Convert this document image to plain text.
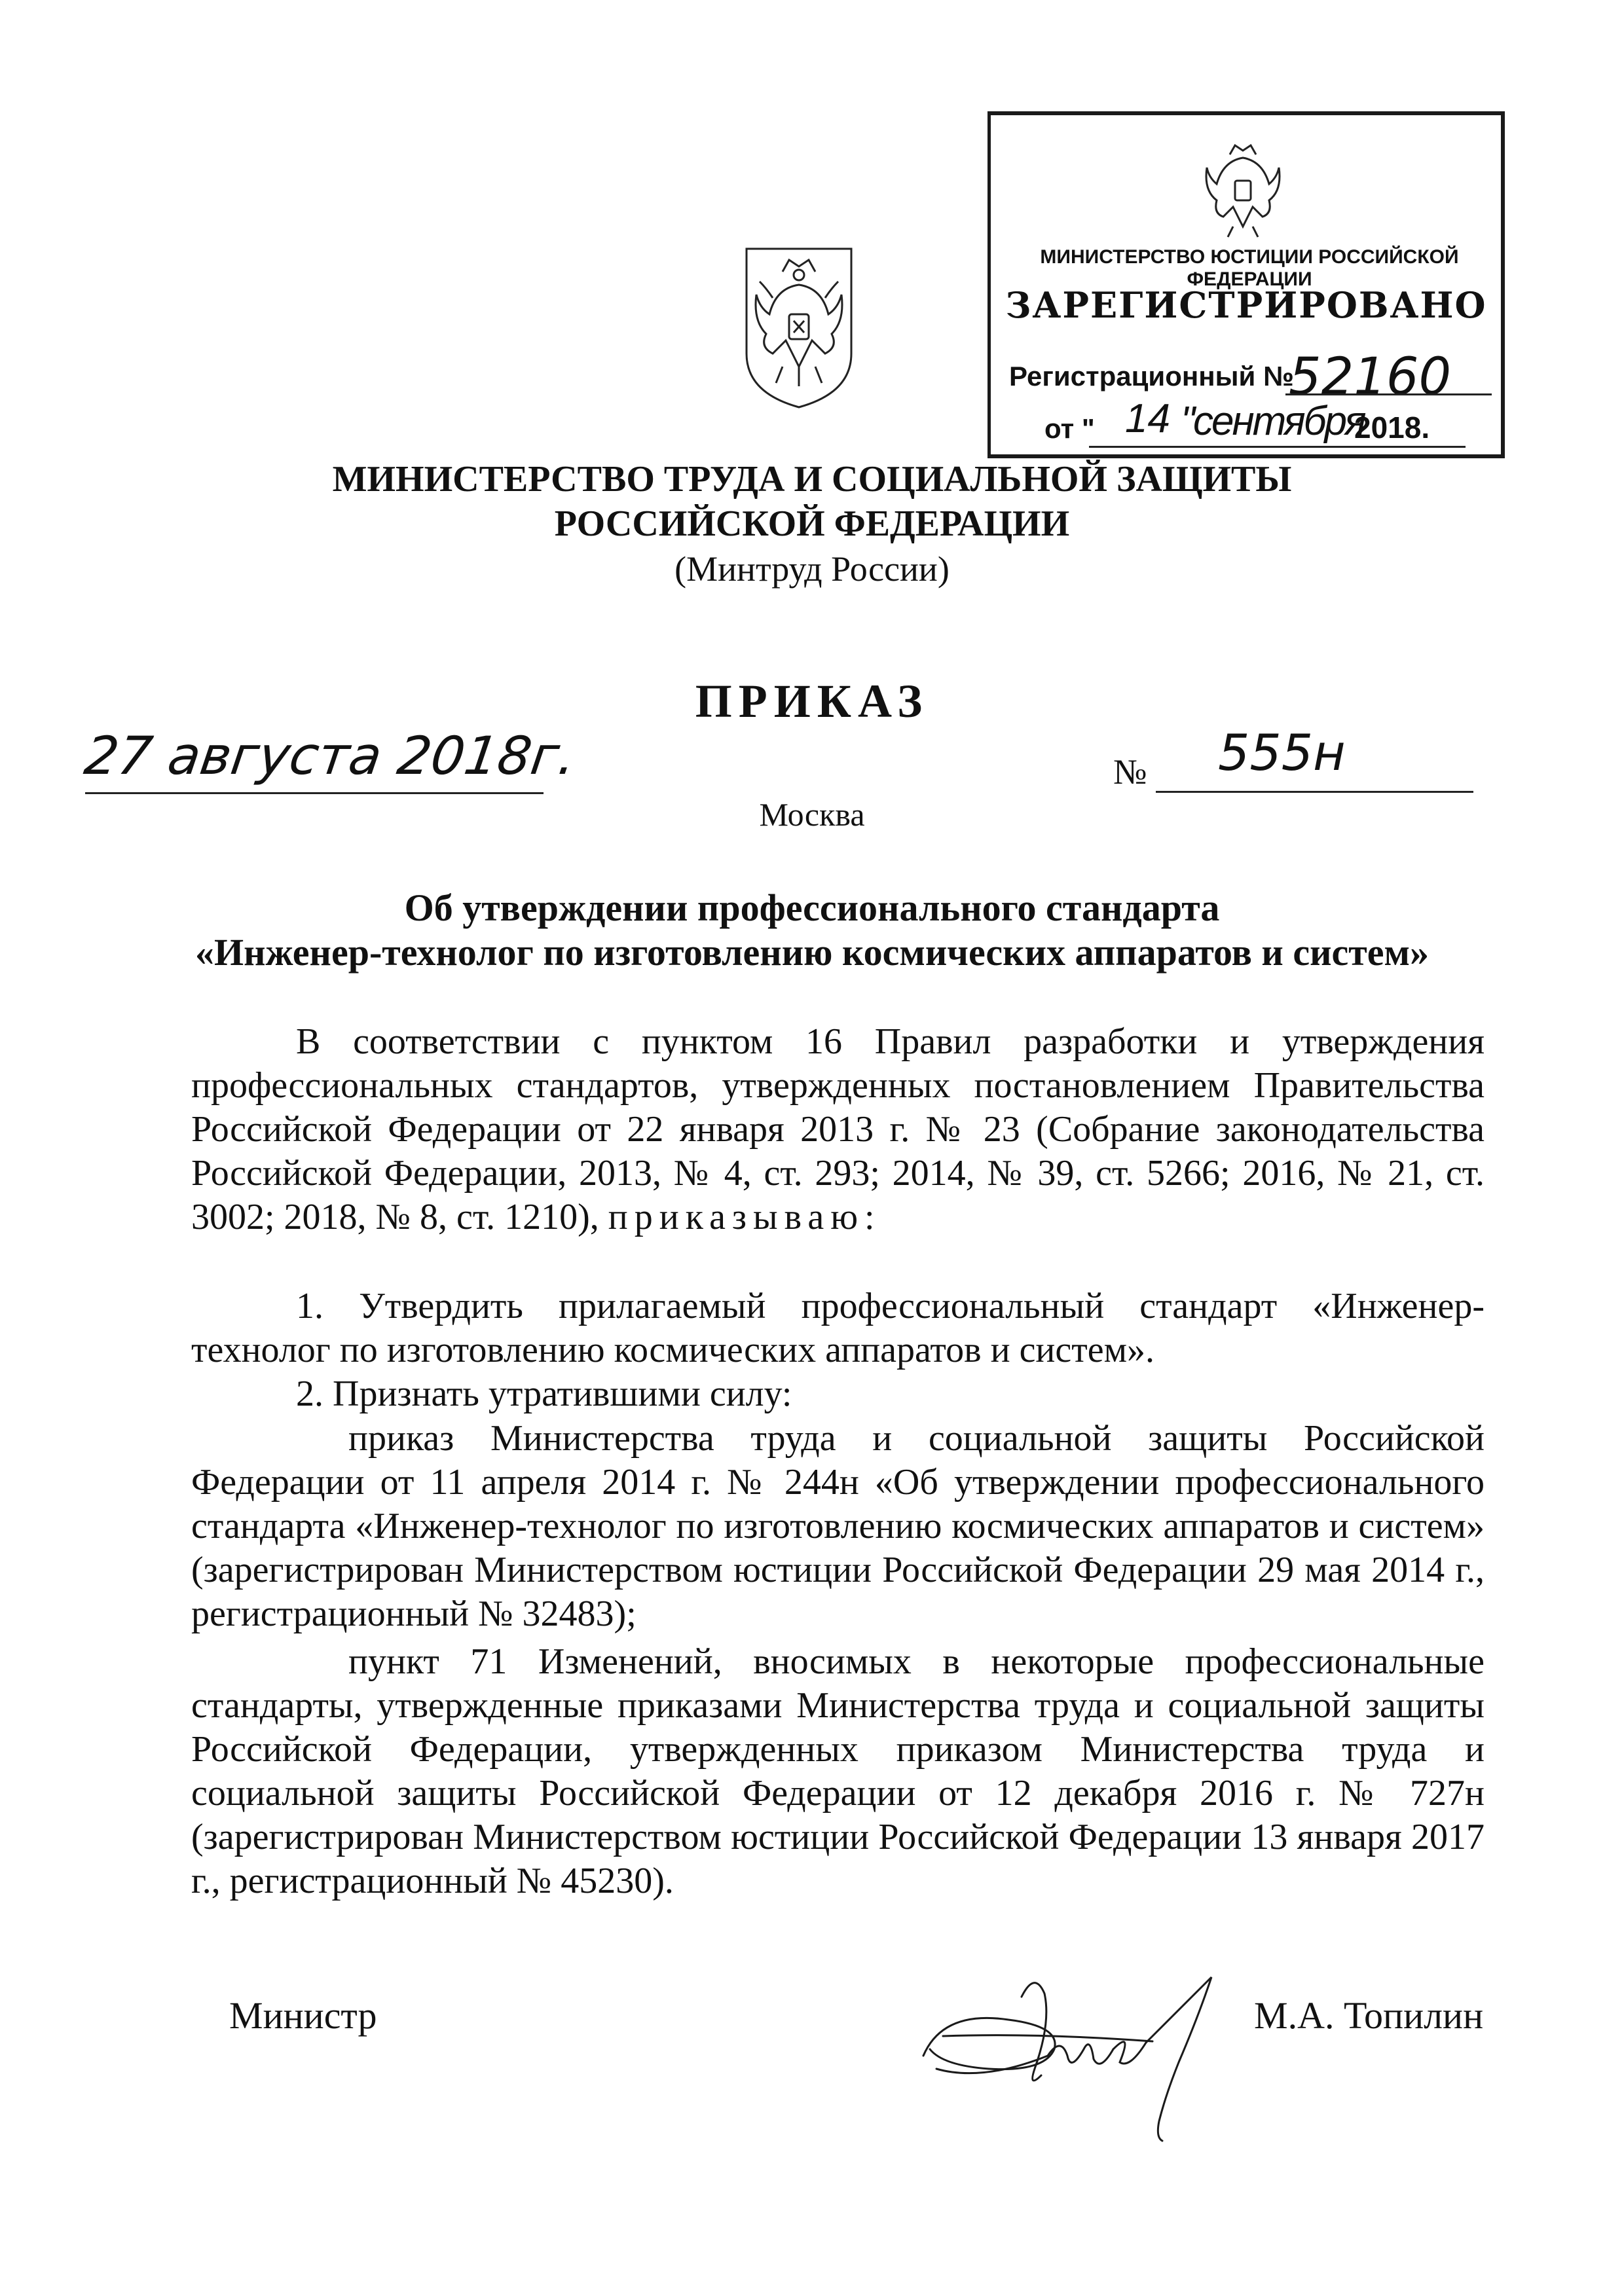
МИНИСТЕРСТВО ЮСТИЦИИ РОССИЙСКОЙ ФЕДЕРАЦИИ
ЗАРЕГИСТРИРОВАНО
Регистрационный №
52160
от " 14 "сентября
2018.
МИНИСТЕРСТВО ТРУДА И СОЦИАЛЬНОЙ ЗАЩИТЫ
РОССИЙСКОЙ ФЕДЕРАЦИИ
(Минтруд России)
ПРИКАЗ
27 августа 2018г.	№ 555н
Москва
Об утверждении профессионального стандарта
«Инженер-технолог по изготовлению космических аппаратов и систем»
В соответствии с пунктом 16 Правил разработки и утверждения профессиональных стандартов, утвержденных постановлением Правительства Российской Федерации от 22 января 2013 г. № 23 (Собрание законодательства Российской Федерации, 2013, № 4, ст. 293; 2014, № 39, ст. 5266; 2016, № 21, ст. 3002; 2018, № 8, ст. 1210), приказываю:
1. Утвердить прилагаемый профессиональный стандарт «Инженер-технолог по изготовлению космических аппаратов и систем».
2. Признать утратившими силу:
приказ Министерства труда и социальной защиты Российской Федерации от 11 апреля 2014 г. № 244н «Об утверждении профессионального стандарта «Инженер-технолог по изготовлению космических аппаратов и систем» (зарегистрирован Министерством юстиции Российской Федерации 29 мая 2014 г., регистрационный № 32483);
пункт 71 Изменений, вносимых в некоторые профессиональные стандарты, утвержденные приказами Министерства труда и социальной защиты Российской Федерации, утвержденных приказом Министерства труда и социальной защиты Российской Федерации от 12 декабря 2016 г. № 727н (зарегистрирован Министерством юстиции Российской Федерации 13 января 2017 г., регистрационный № 45230).
Министр	М.А. Топилин
